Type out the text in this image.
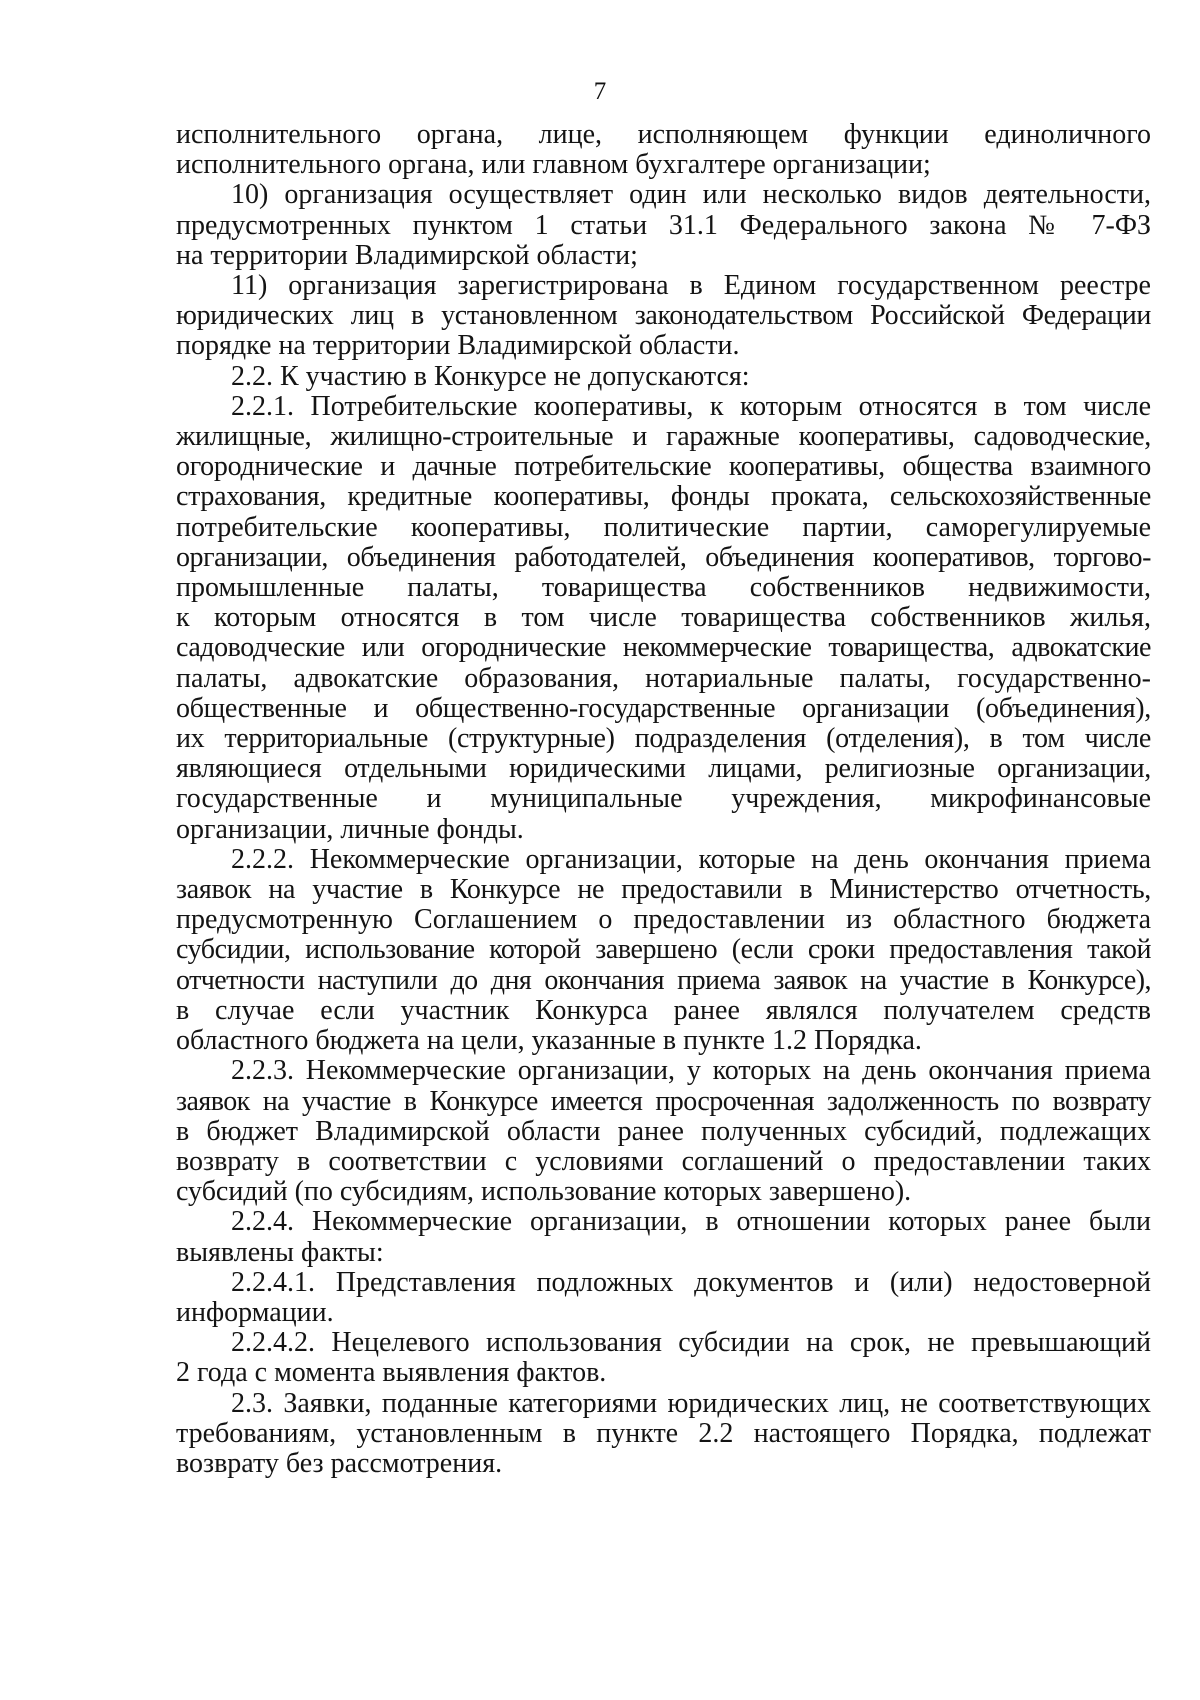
7
исполнительного органа, лице, исполняющем функции единоличного
исполнительного органа, или главном бухгалтере организации;
10) организация осуществляет один или несколько видов деятельности,
предусмотренных пунктом 1 статьи 31.1 Федерального закона № 7-ФЗ
на территории Владимирской области;
11) организация зарегистрирована в Едином государственном реестре
юридических лиц в установленном законодательством Российской Федерации
порядке на территории Владимирской области.
2.2. К участию в Конкурсе не допускаются:
2.2.1. Потребительские кооперативы, к которым относятся в том числе
жилищные, жилищно-строительные и гаражные кооперативы, садоводческие,
огороднические и дачные потребительские кооперативы, общества взаимного
страхования, кредитные кооперативы, фонды проката, сельскохозяйственные
потребительские кооперативы, политические партии, саморегулируемые
организации, объединения работодателей, объединения кооперативов, торгово-
промышленные палаты, товарищества собственников недвижимости,
к которым относятся в том числе товарищества собственников жилья,
садоводческие или огороднические некоммерческие товарищества, адвокатские
палаты, адвокатские образования, нотариальные палаты, государственно-
общественные и общественно-государственные организации (объединения),
их территориальные (структурные) подразделения (отделения), в том числе
являющиеся отдельными юридическими лицами, религиозные организации,
государственные и муниципальные учреждения, микрофинансовые
организации, личные фонды.
2.2.2. Некоммерческие организации, которые на день окончания приема
заявок на участие в Конкурсе не предоставили в Министерство отчетность,
предусмотренную Соглашением о предоставлении из областного бюджета
субсидии, использование которой завершено (если сроки предоставления такой
отчетности наступили до дня окончания приема заявок на участие в Конкурсе),
в случае если участник Конкурса ранее являлся получателем средств
областного бюджета на цели, указанные в пункте 1.2 Порядка.
2.2.3. Некоммерческие организации, у которых на день окончания приема
заявок на участие в Конкурсе имеется просроченная задолженность по возврату
в бюджет Владимирской области ранее полученных субсидий, подлежащих
возврату в соответствии с условиями соглашений о предоставлении таких
субсидий (по субсидиям, использование которых завершено).
2.2.4. Некоммерческие организации, в отношении которых ранее были
выявлены факты:
2.2.4.1. Представления подложных документов и (или) недостоверной
информации.
2.2.4.2. Нецелевого использования субсидии на срок, не превышающий
2 года с момента выявления фактов.
2.3. Заявки, поданные категориями юридических лиц, не соответствующих
требованиям, установленным в пункте 2.2 настоящего Порядка, подлежат
возврату без рассмотрения.
